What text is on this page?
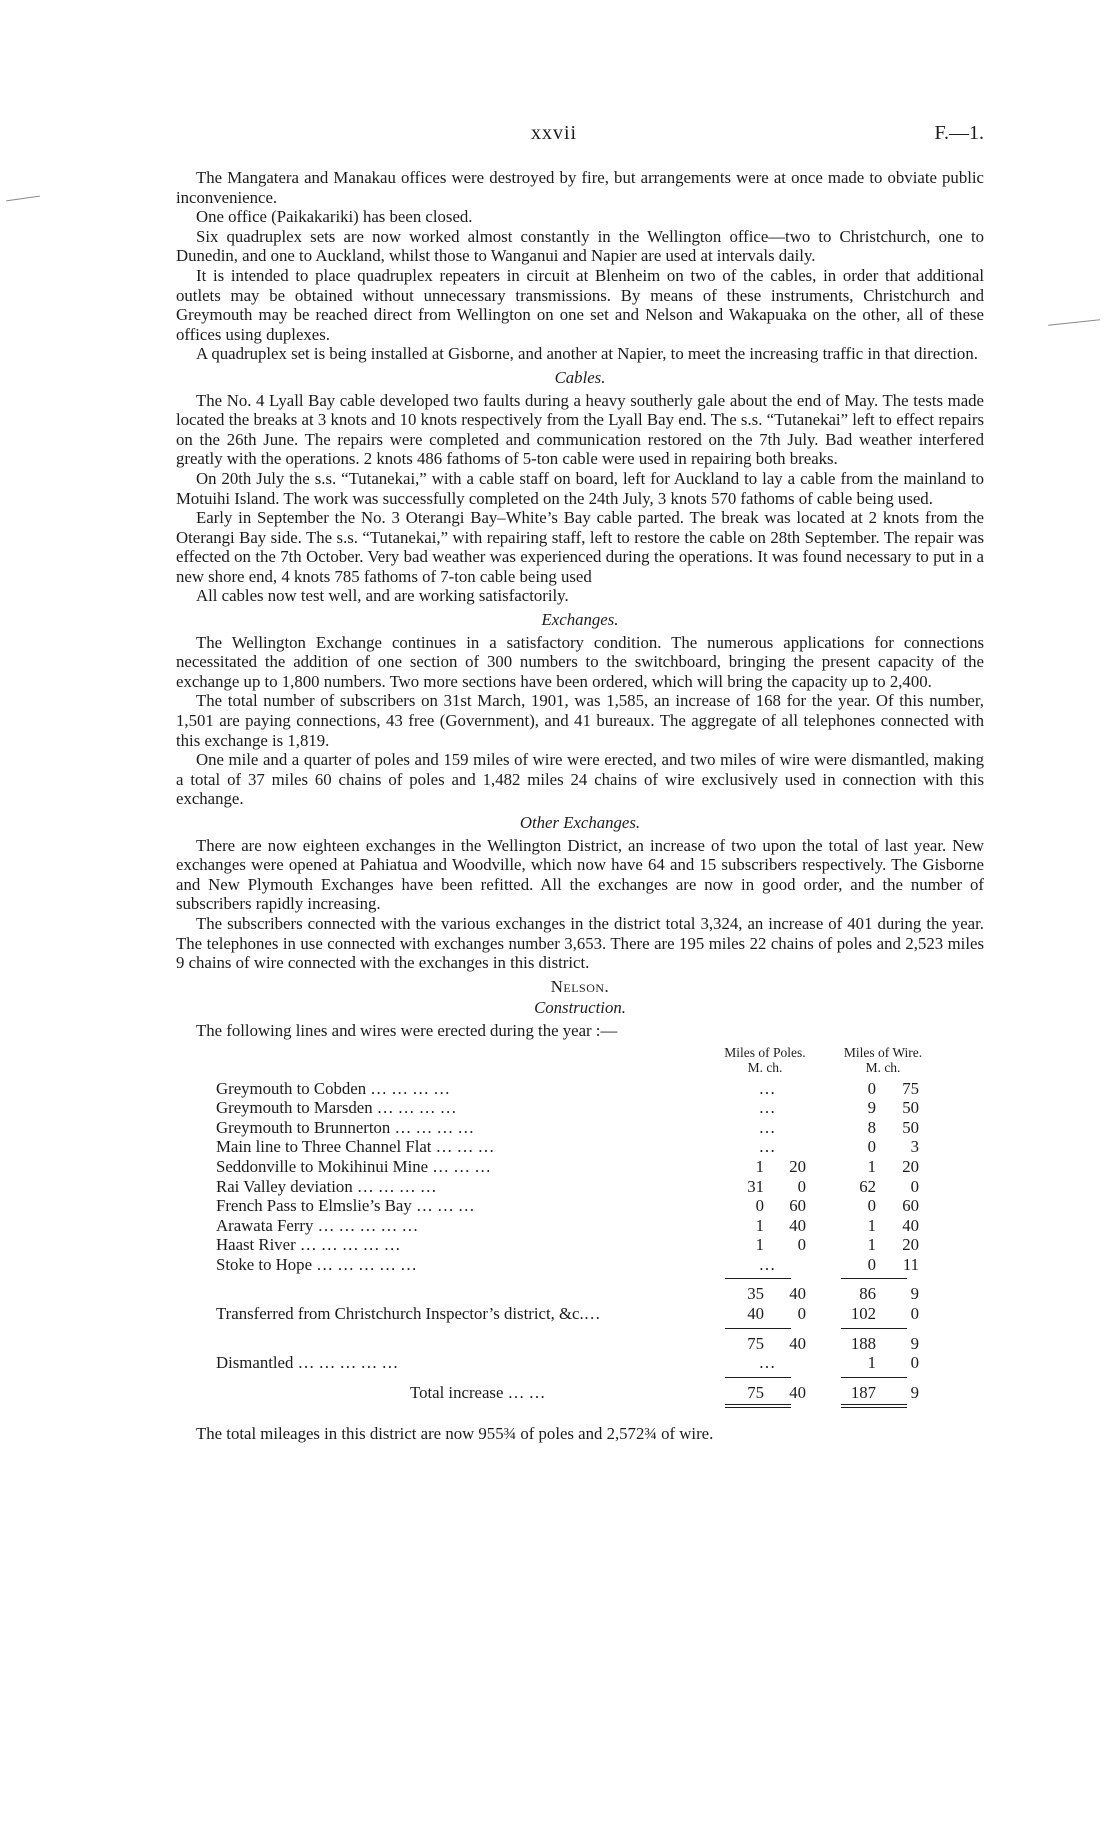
xxvii	F.—1.

The Mangatera and Manakau offices were destroyed by fire, but arrangements were at once made to obviate public inconvenience.

One office (Paikakariki) has been closed.

Six quadruplex sets are now worked almost constantly in the Wellington office—two to Christchurch, one to Dunedin, and one to Auckland, whilst those to Wanganui and Napier are used at intervals daily.

It is intended to place quadruplex repeaters in circuit at Blenheim on two of the cables, in order that additional outlets may be obtained without unnecessary transmissions. By means of these instruments, Christchurch and Greymouth may be reached direct from Wellington on one set and Nelson and Wakapuaka on the other, all of these offices using duplexes.

A quadruplex set is being installed at Gisborne, and another at Napier, to meet the increasing traffic in that direction.

Cables.

The No. 4 Lyall Bay cable developed two faults during a heavy southerly gale about the end of May. The tests made located the breaks at 3 knots and 10 knots respectively from the Lyall Bay end. The s.s. “Tutanekai” left to effect repairs on the 26th June. The repairs were completed and communication restored on the 7th July. Bad weather interfered greatly with the operations. 2 knots 486 fathoms of 5-ton cable were used in repairing both breaks.

On 20th July the s.s. “Tutanekai,” with a cable staff on board, left for Auckland to lay a cable from the mainland to Motuihi Island. The work was successfully completed on the 24th July, 3 knots 570 fathoms of cable being used.

Early in September the No. 3 Oterangi Bay–White’s Bay cable parted. The break was located at 2 knots from the Oterangi Bay side. The s.s. “Tutanekai,” with repairing staff, left to restore the cable on 28th September. The repair was effected on the 7th October. Very bad weather was experienced during the operations. It was found necessary to put in a new shore end, 4 knots 785 fathoms of 7-ton cable being used

All cables now test well, and are working satisfactorily.

Exchanges.

The Wellington Exchange continues in a satisfactory condition. The numerous applications for connections necessitated the addition of one section of 300 numbers to the switchboard, bringing the present capacity of the exchange up to 1,800 numbers. Two more sections have been ordered, which will bring the capacity up to 2,400.

The total number of subscribers on 31st March, 1901, was 1,585, an increase of 168 for the year. Of this number, 1,501 are paying connections, 43 free (Government), and 41 bureaux. The aggregate of all telephones connected with this exchange is 1,819.

One mile and a quarter of poles and 159 miles of wire were erected, and two miles of wire were dismantled, making a total of 37 miles 60 chains of poles and 1,482 miles 24 chains of wire exclusively used in connection with this exchange.

Other Exchanges.

There are now eighteen exchanges in the Wellington District, an increase of two upon the total of last year. New exchanges were opened at Pahiatua and Woodville, which now have 64 and 15 subscribers respectively. The Gisborne and New Plymouth Exchanges have been refitted. All the exchanges are now in good order, and the number of subscribers rapidly increasing.

The subscribers connected with the various exchanges in the district total 3,324, an increase of 401 during the year. The telephones in use connected with exchanges number 3,653. There are 195 miles 22 chains of poles and 2,523 miles 9 chains of wire connected with the exchanges in this district.

Nelson.

Construction.

The following lines and wires were erected during the year :—

Miles of Poles.
M. ch.
Miles of Wire.
M. ch.
Greymouth to Cobden … … … …	…	0	75
Greymouth to Marsden … … … …	…	9	50
Greymouth to Brunnerton … … … …	…	8	50
Main line to Three Channel Flat … … …	…	0	3
Seddonville to Mokihinui Mine … … …	1	20	1	20
Rai Valley deviation … … … …	31	0	62	0
French Pass to Elmslie’s Bay … … …	0	60	0	60
Arawata Ferry … … … … …	1	40	1	40
Haast River … … … … …	1	0	1	20
Stoke to Hope … … … … …	…	0	11
35	40	86	9
Transferred from Christchurch Inspector’s district, &c.…	40	0	102	0
75	40	188	9
Dismantled … … … … …	…	1	0
Total increase … …	75	40	187	9

The total mileages in this district are now 955¾ of poles and 2,572¾ of wire.
